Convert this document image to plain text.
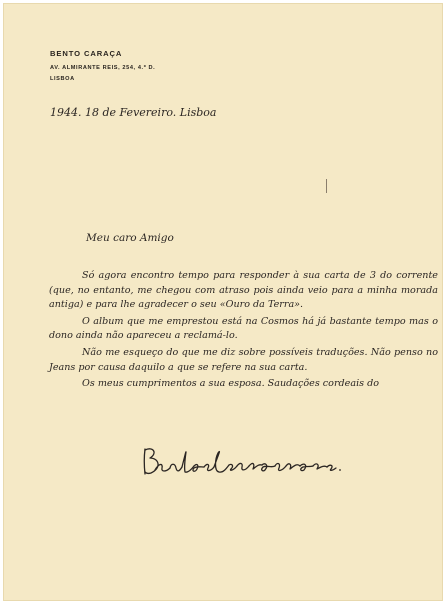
BENTO CARAÇA
AV. ALMIRANTE REIS, 254, 4.º D.
LISBOA
1944. 18 de Fevereiro. Lisboa
Meu caro Amigo

Só agora encontro tempo para responder à sua carta de 3 do corrente (que, no entanto, me chegou com atraso pois ainda veio para a minha morada antiga) e para lhe agradecer o seu «Ouro da Terra».

O album que me emprestou está na Cosmos há já bastante tempo mas o dono ainda não apareceu a reclamá-lo.

Não me esqueço do que me diz sobre possíveis traduções. Não penso no Jeans por causa daquilo a que se refere na sua carta.

Os meus cumprimentos a sua esposa. Saudações cordeais do
